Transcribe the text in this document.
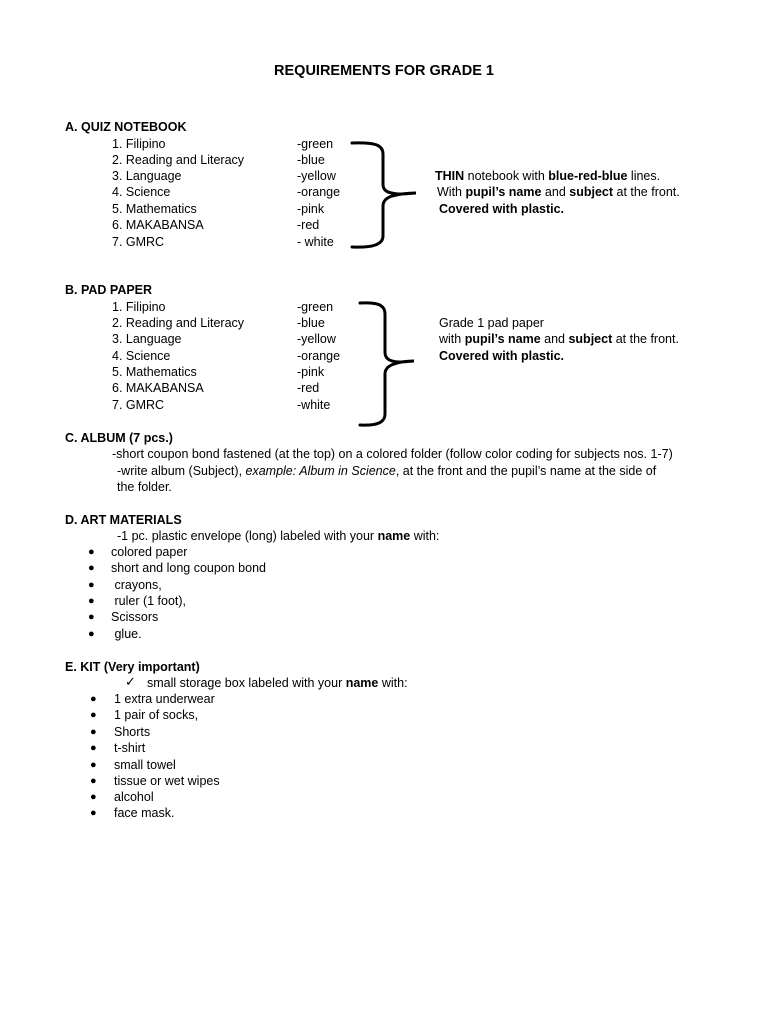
REQUIREMENTS FOR GRADE 1
A. QUIZ NOTEBOOK
1. Filipino
2. Reading and Literacy
3. Language
4. Science
5. Mathematics
6. MAKABANSA
7. GMRC
-green
-blue
-yellow
-orange
-pink
-red
- white
THIN notebook with blue-red-blue lines.
With pupil’s name and subject at the front.
Covered with plastic.
B. PAD PAPER
1. Filipino
2. Reading and Literacy
3. Language
4. Science
5. Mathematics
6. MAKABANSA
7. GMRC
-green
-blue
-yellow
-orange
-pink
-red
-white
Grade 1 pad paper
with pupil’s name and subject at the front.
Covered with plastic.
C. ALBUM (7 pcs.)
-short coupon bond fastened (at the top) on a colored folder (follow color coding for subjects nos. 1-7)
-write album (Subject), example: Album in Science, at the front and the pupil’s name at the side of
the folder.
D. ART MATERIALS
-1 pc. plastic envelope (long) labeled with your name with:
● colored paper
● short and long coupon bond
● crayons,
● ruler (1 foot),
● Scissors
● glue.
E. KIT (Very important)
✓ small storage box labeled with your name with:
● 1 extra underwear
● 1 pair of socks,
● Shorts
● t-shirt
● small towel
● tissue or wet wipes
● alcohol
● face mask.
